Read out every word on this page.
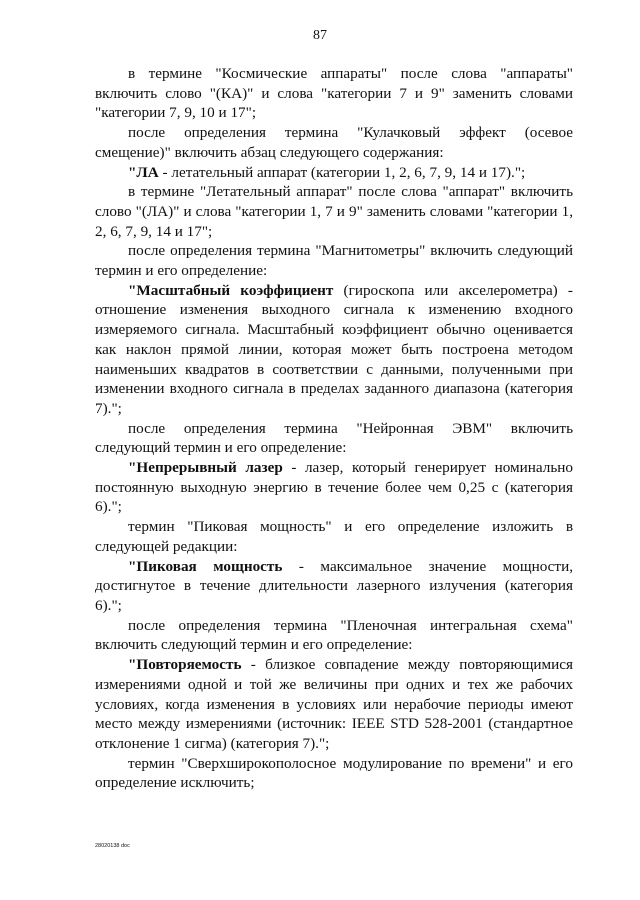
87

в термине "Космические аппараты" после слова "аппараты" включить слово "(КА)" и слова "категории 7 и 9" заменить словами "категории 7, 9, 10 и 17";

после определения термина "Кулачковый эффект (осевое смещение)" включить абзац следующего содержания:

"ЛА - летательный аппарат (категории 1, 2, 6, 7, 9, 14 и 17).";

в термине "Летательный аппарат" после слова "аппарат" включить слово "(ЛА)" и слова "категории 1, 7 и 9" заменить словами "категории 1, 2, 6, 7, 9, 14 и 17";

после определения термина "Магнитометры" включить следующий термин и его определение:

"Масштабный коэффициент (гироскопа или акселерометра) - отношение изменения выходного сигнала к изменению входного измеряемого сигнала. Масштабный коэффициент обычно оценивается как наклон прямой линии, которая может быть построена методом наименьших квадратов в соответствии с данными, полученными при изменении входного сигнала в пределах заданного диапазона (категория 7).";

после определения термина "Нейронная ЭВМ" включить следующий термин и его определение:

"Непрерывный лазер - лазер, который генерирует номинально постоянную выходную энергию в течение более чем 0,25 с (категория 6).";

термин "Пиковая мощность" и его определение изложить в следующей редакции:

"Пиковая мощность - максимальное значение мощности, достигнутое в течение длительности лазерного излучения (категория 6).";

после определения термина "Пленочная интегральная схема" включить следующий термин и его определение:

"Повторяемость - близкое совпадение между повторяющимися измерениями одной и той же величины при одних и тех же рабочих условиях, когда изменения в условиях или нерабочие периоды имеют место между измерениями (источник: IEEE STD 528-2001 (стандартное отклонение 1 сигма) (категория 7).";

термин "Сверхширокополосное модулирование по времени" и его определение исключить;

28020138 doc
